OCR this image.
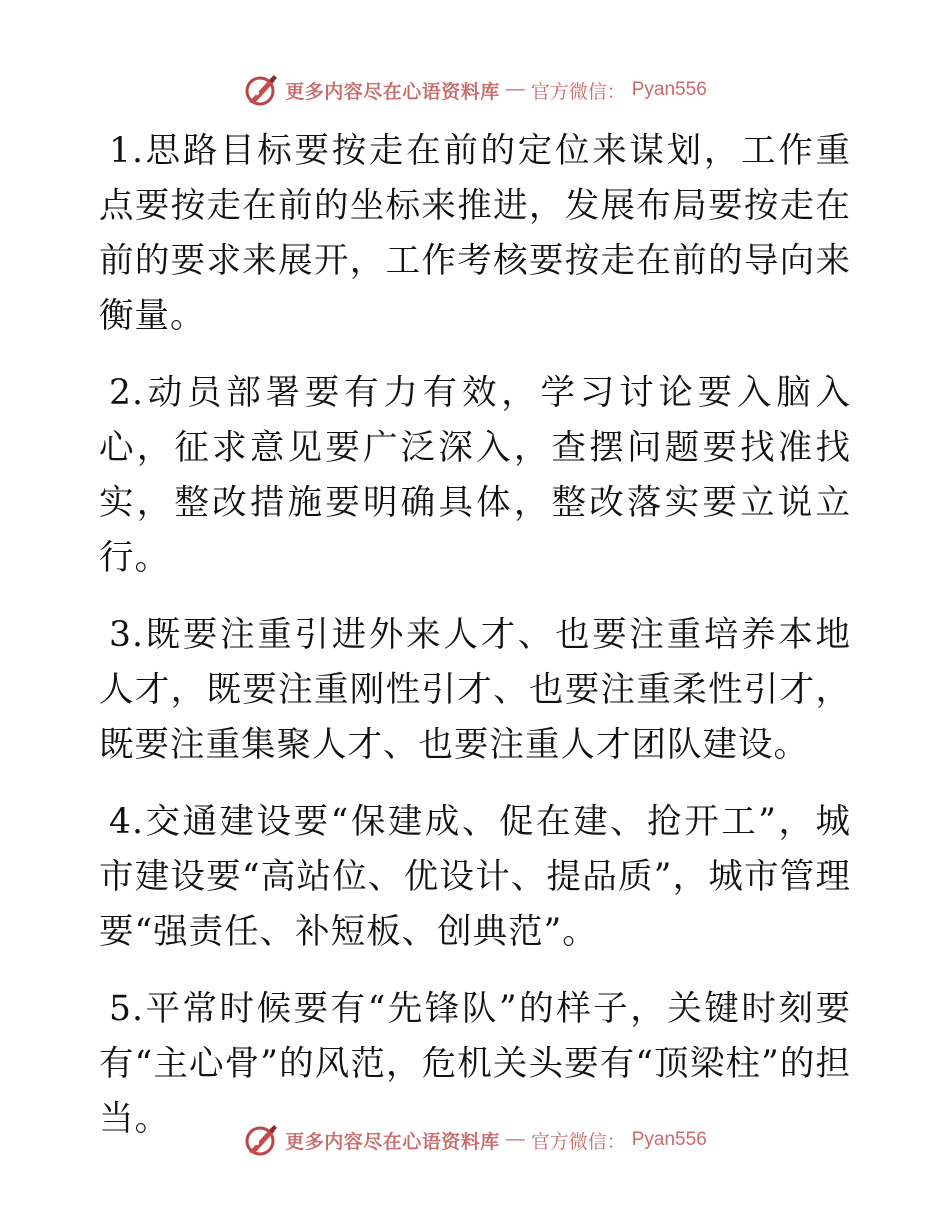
更多内容尽在心语资料库 — 官方微信： Pyan556

1.思路目标要按走在前的定位来谋划，工作重点要按走在前的坐标来推进，发展布局要按走在前的要求来展开，工作考核要按走在前的导向来衡量。

2.动员部署要有力有效，学习讨论要入脑入心，征求意见要广泛深入，查摆问题要找准找实，整改措施要明确具体，整改落实要立说立行。

3.既要注重引进外来人才、也要注重培养本地人才，既要注重刚性引才、也要注重柔性引才，既要注重集聚人才、也要注重人才团队建设。

4.交通建设要“保建成、促在建、抢开工”，城市建设要“高站位、优设计、提品质”，城市管理要“强责任、补短板、创典范”。

5.平常时候要有“先锋队”的样子，关键时刻要有“主心骨”的风范，危机关头要有“顶梁柱”的担当。

更多内容尽在心语资料库 — 官方微信： Pyan556
